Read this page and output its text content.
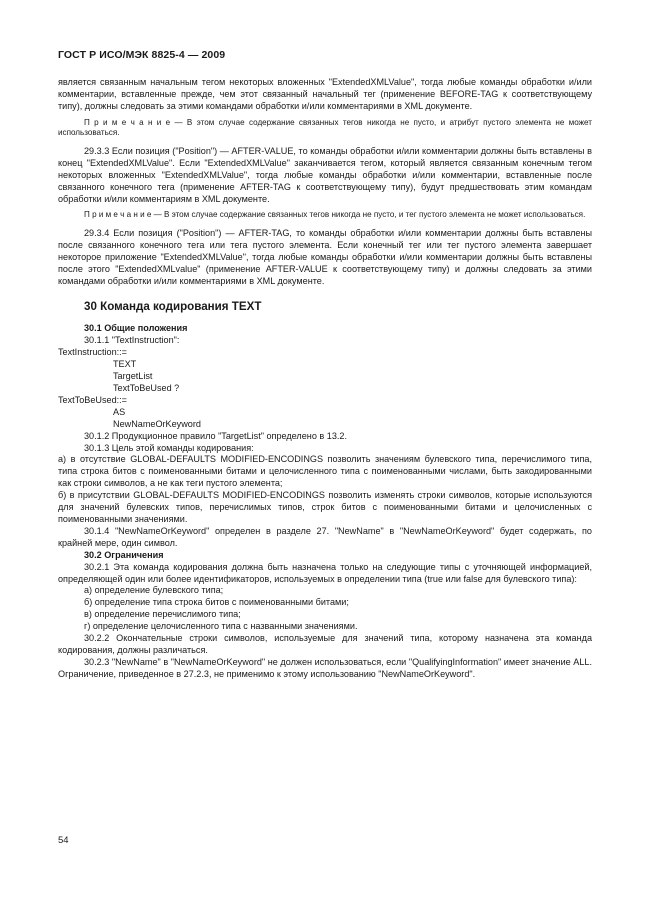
ГОСТ Р ИСО/МЭК 8825-4 — 2009

является связанным начальным тегом некоторых вложенных "ExtendedXMLValue", тогда любые команды обработки и/или комментарии, вставленные прежде, чем этот связанный начальный тег (применение BEFORE-TAG к соответствующему типу), должны следовать за этими командами обработки и/или комментариями в XML документе.

П р и м е ч а н и е — В этом случае содержание связанных тегов никогда не пусто, и атрибут пустого элемента не может использоваться.

29.3.3 Если позиция ("Position") — AFTER-VALUE, то команды обработки и/или комментарии должны быть вставлены в конец "ExtendedXMLValue". Если "ExtendedXMLValue" заканчивается тегом, который является связанным конечным тегом некоторых вложенных "ExtendedXMLValue", тогда любые команды обработки и/или комментарии, вставленные после связанного конечного тега (применение AFTER-TAG к соответствующему типу), будут предшествовать этим командам обработки и/или комментариям в XML документе.

П р и м е ч а н и е — В этом случае содержание связанных тегов никогда не пусто, и тег пустого элемента не может использоваться.

29.3.4 Если позиция ("Position") — AFTER-TAG, то команды обработки и/или комментарии должны быть вставлены после связанного конечного тега или тега пустого элемента. Если конечный тег или тег пустого элемента завершает некоторое приложение "ExtendedXMLValue", тогда любые команды обработки и/или комментарии должны быть вставлены после этого "ExtendedXMLvalue" (применение AFTER-VALUE к соответствующему типу) и должны следовать за этими командами обработки и/или комментариями в XML документе.

30 Команда кодирования TEXT

30.1 Общие положения

30.1.1 "TextInstruction":

TextInstruction::=

TEXT

TargetList

TextToBeUsed ?

TextToBeUsed::=

AS

NewNameOrKeyword

30.1.2 Продукционное правило "TargetList" определено в 13.2.

30.1.3 Цель этой команды кодирования:

а) в отсутствие GLOBAL-DEFAULTS MODIFIED-ENCODINGS позволить значениям булевского типа, перечислимого типа, типа строка битов с поименованными битами и целочисленного типа с поименованными числами, быть закодированными как строки символов, а не как теги пустого элемента;

б) в присутствии GLOBAL-DEFAULTS MODIFIED-ENCODINGS позволить изменять строки символов, которые используются для значений булевских типов, перечислимых типов, строк битов с поименованными битами и целочисленных с поименованными значениями.

30.1.4 "NewNameOrKeyword" определен в разделе 27. "NewName" в "NewNameOrKeyword" будет содержать, по крайней мере, один символ.

30.2 Ограничения

30.2.1 Эта команда кодирования должна быть назначена только на следующие типы с уточняющей информацией, определяющей один или более идентификаторов, используемых в определении типа (true или false для булевского типа):

а) определение булевского типа;

б) определение типа строка битов с поименованными битами;

в) определение перечислимого типа;

г) определение целочисленного типа с названными значениями.

30.2.2 Окончательные строки символов, используемые для значений типа, которому назначена эта команда кодирования, должны различаться.

30.2.3 "NewName" в "NewNameOrKeyword" не должен использоваться, если "QualifyingInformation" имеет значение ALL. Ограничение, приведенное в 27.2.3, не применимо к этому использованию "NewNameOrKeyword".

54
